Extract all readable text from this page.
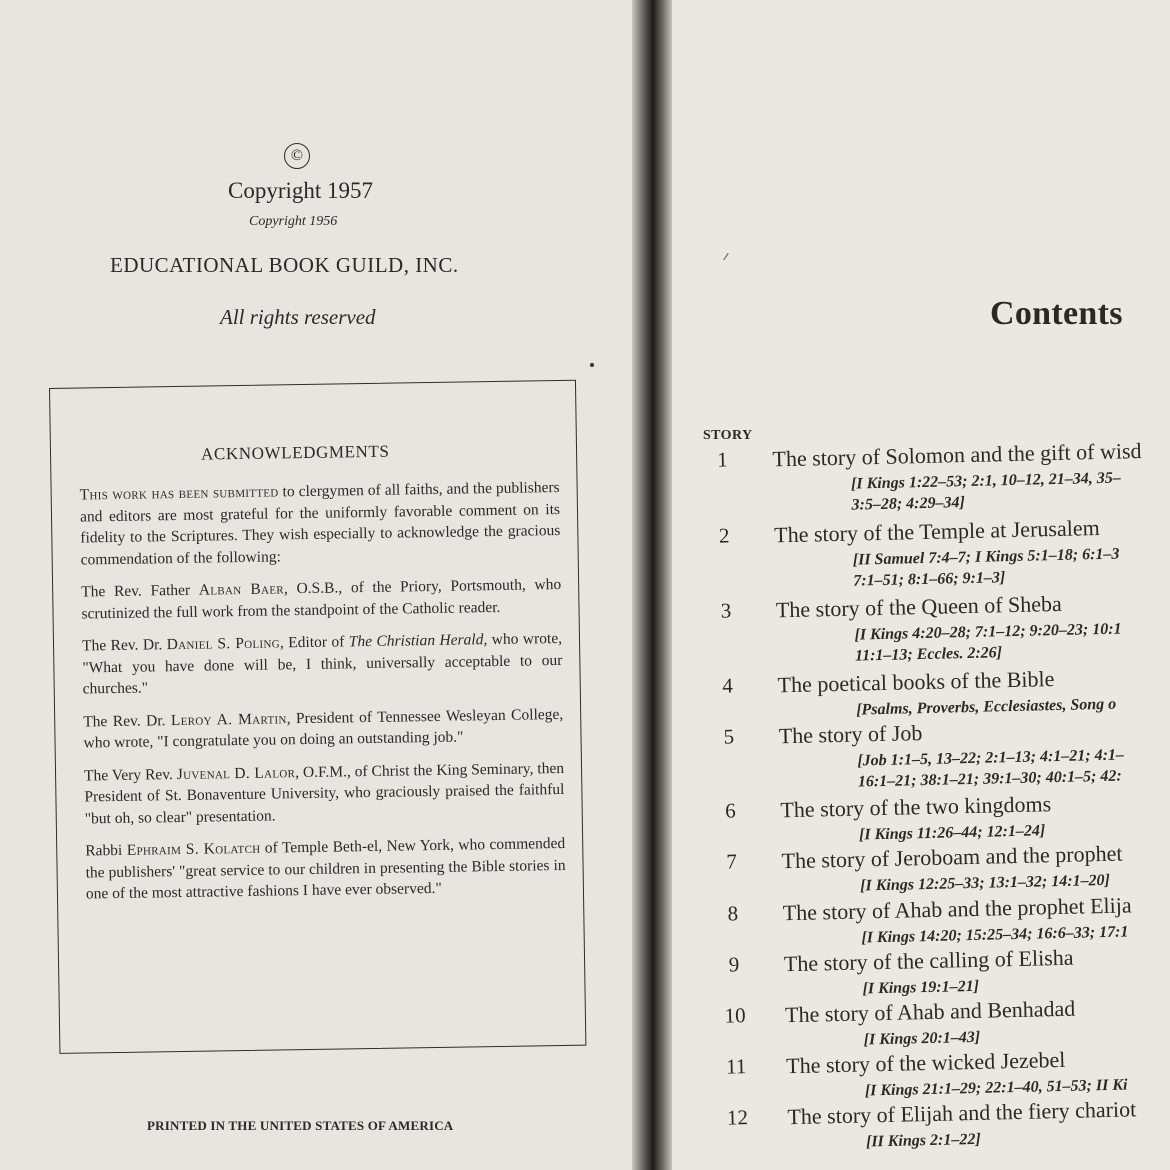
©
Copyright 1957
Copyright 1956
EDUCATIONAL BOOK GUILD, INC.
All rights reserved
ACKNOWLEDGMENTS

This work has been submitted to clergymen of all faiths, and the publishers and editors are most grateful for the uniformly favorable comment on its fidelity to the Scriptures. They wish especially to acknowledge the gracious commendation of the following:

The Rev. Father Alban Baer, O.S.B., of the Priory, Portsmouth, who scrutinized the full work from the standpoint of the Catholic reader.

The Rev. Dr. Daniel S. Poling, Editor of The Christian Herald, who wrote, "What you have done will be, I think, universally acceptable to our churches."

The Rev. Dr. Leroy A. Martin, President of Tennessee Wesleyan College, who wrote, "I congratulate you on doing an outstanding job."

The Very Rev. Juvenal D. Lalor, O.F.M., of Christ the King Seminary, then President of St. Bonaventure University, who graciously praised the faithful "but oh, so clear" presentation.

Rabbi Ephraim S. Kolatch of Temple Beth-el, New York, who commended the publishers' "great service to our children in presenting the Bible stories in one of the most attractive fashions I have ever observed."

PRINTED IN THE UNITED STATES OF AMERICA
Contents
STORY
1	The story of Solomon and the gift of wisd
[I Kings 1:22–53; 2:1, 10–12, 21–34, 35–
3:5–28; 4:29–34]
2	The story of the Temple at Jerusalem
[II Samuel 7:4–7; I Kings 5:1–18; 6:1–3
7:1–51; 8:1–66; 9:1–3]
3	The story of the Queen of Sheba
[I Kings 4:20–28; 7:1–12; 9:20–23; 10:1
11:1–13; Eccles. 2:26]
4	The poetical books of the Bible
[Psalms, Proverbs, Ecclesiastes, Song o
5	The story of Job
[Job 1:1–5, 13–22; 2:1–13; 4:1–21; 4:1–
16:1–21; 38:1–21; 39:1–30; 40:1–5; 42:
6	The story of the two kingdoms
[I Kings 11:26–44; 12:1–24]
7	The story of Jeroboam and the prophet
[I Kings 12:25–33; 13:1–32; 14:1–20]
8	The story of Ahab and the prophet Elija
[I Kings 14:20; 15:25–34; 16:6–33; 17:1
9	The story of the calling of Elisha
[I Kings 19:1–21]
10	The story of Ahab and Benhadad
[I Kings 20:1–43]
11	The story of the wicked Jezebel
[I Kings 21:1–29; 22:1–40, 51–53; II Ki
12	The story of Elijah and the fiery chariot
[II Kings 2:1–22]
